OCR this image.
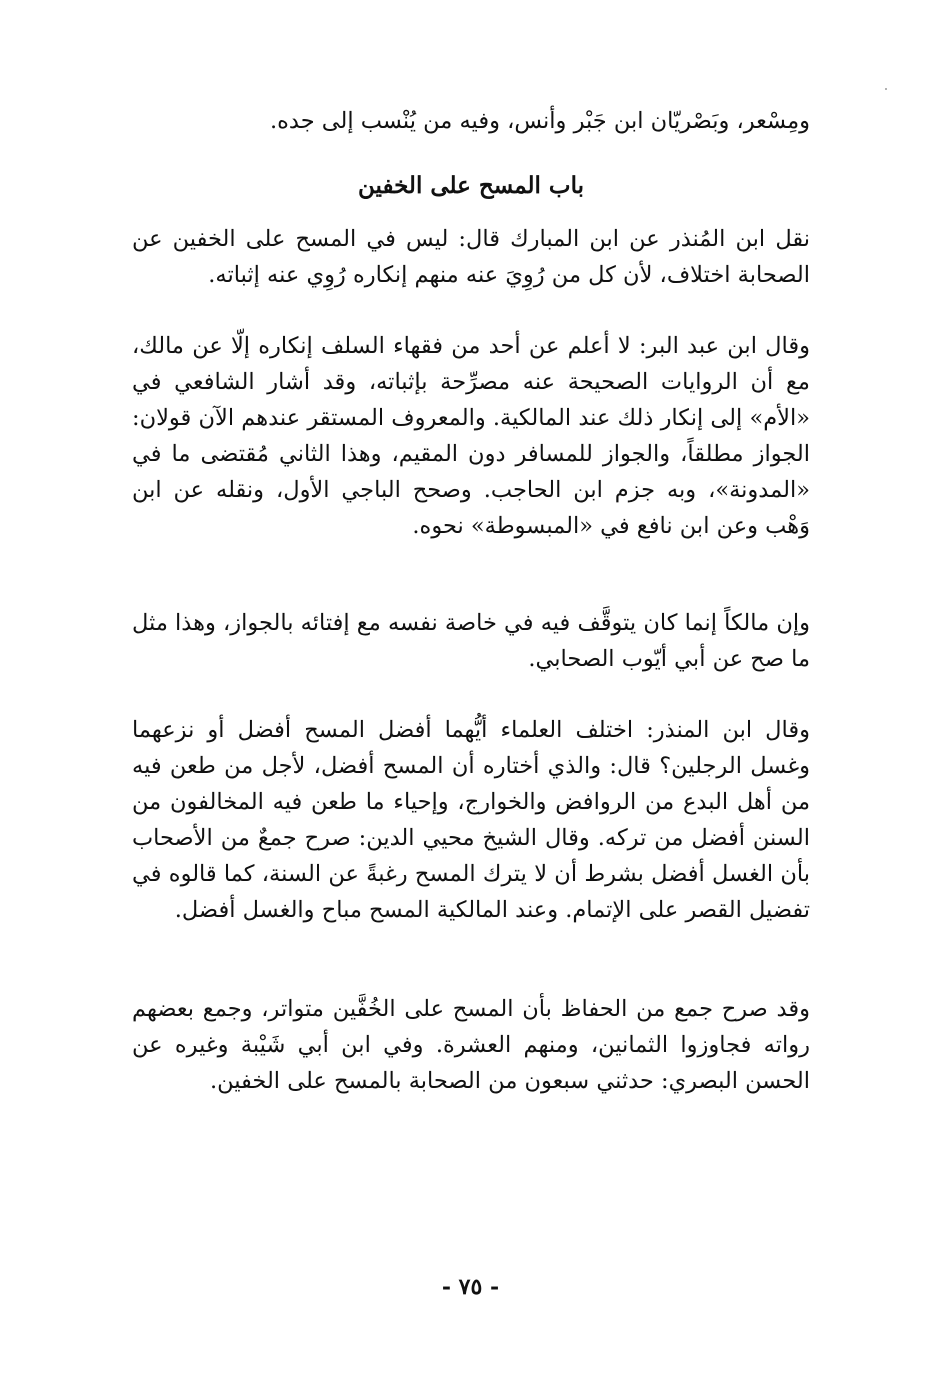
ومِسْعر، وبَصْريّان ابن جَبْر وأنس، وفيه من يُنْسب إلى جده.

باب المسح على الخفين

نقل ابن المُنذر عن ابن المبارك قال: ليس في المسح على الخفين عن الصحابة اختلاف، لأن كل من رُوِيَ عنه منهم إنكاره رُوِي عنه إثباته.

وقال ابن عبد البر: لا أعلم عن أحد من فقهاء السلف إنكاره إلّا عن مالك، مع أن الروايات الصحيحة عنه مصرِّحة بإثباته، وقد أشار الشافعي في «الأم» إلى إنكار ذلك عند المالكية. والمعروف المستقر عندهم الآن قولان: الجواز مطلقاً، والجواز للمسافر دون المقيم، وهذا الثاني مُقتضى ما في «المدونة»، وبه جزم ابن الحاجب. وصحح الباجي الأول، ونقله عن ابن وَهْب وعن ابن نافع في «المبسوطة» نحوه.

وإن مالكاً إنما كان يتوقَّف فيه في خاصة نفسه مع إفتائه بالجواز، وهذا مثل ما صح عن أبي أيّوب الصحابي.

وقال ابن المنذر: اختلف العلماء أيُّهما أفضل المسح أفضل أو نزعهما وغسل الرجلين؟ قال: والذي أختاره أن المسح أفضل، لأجل من طعن فيه من أهل البدع من الروافض والخوارج، وإحياء ما طعن فيه المخالفون من السنن أفضل من تركه. وقال الشيخ محيي الدين: صرح جمعٌ من الأصحاب بأن الغسل أفضل بشرط أن لا يترك المسح رغبةً عن السنة، كما قالوه في تفضيل القصر على الإتمام. وعند المالكية المسح مباح والغسل أفضل.

وقد صرح جمع من الحفاظ بأن المسح على الخُفَّين متواتر، وجمع بعضهم رواته فجاوزوا الثمانين، ومنهم العشرة. وفي ابن أبي شَيْبة وغيره عن الحسن البصري: حدثني سبعون من الصحابة بالمسح على الخفين.

- ٧٥ -
